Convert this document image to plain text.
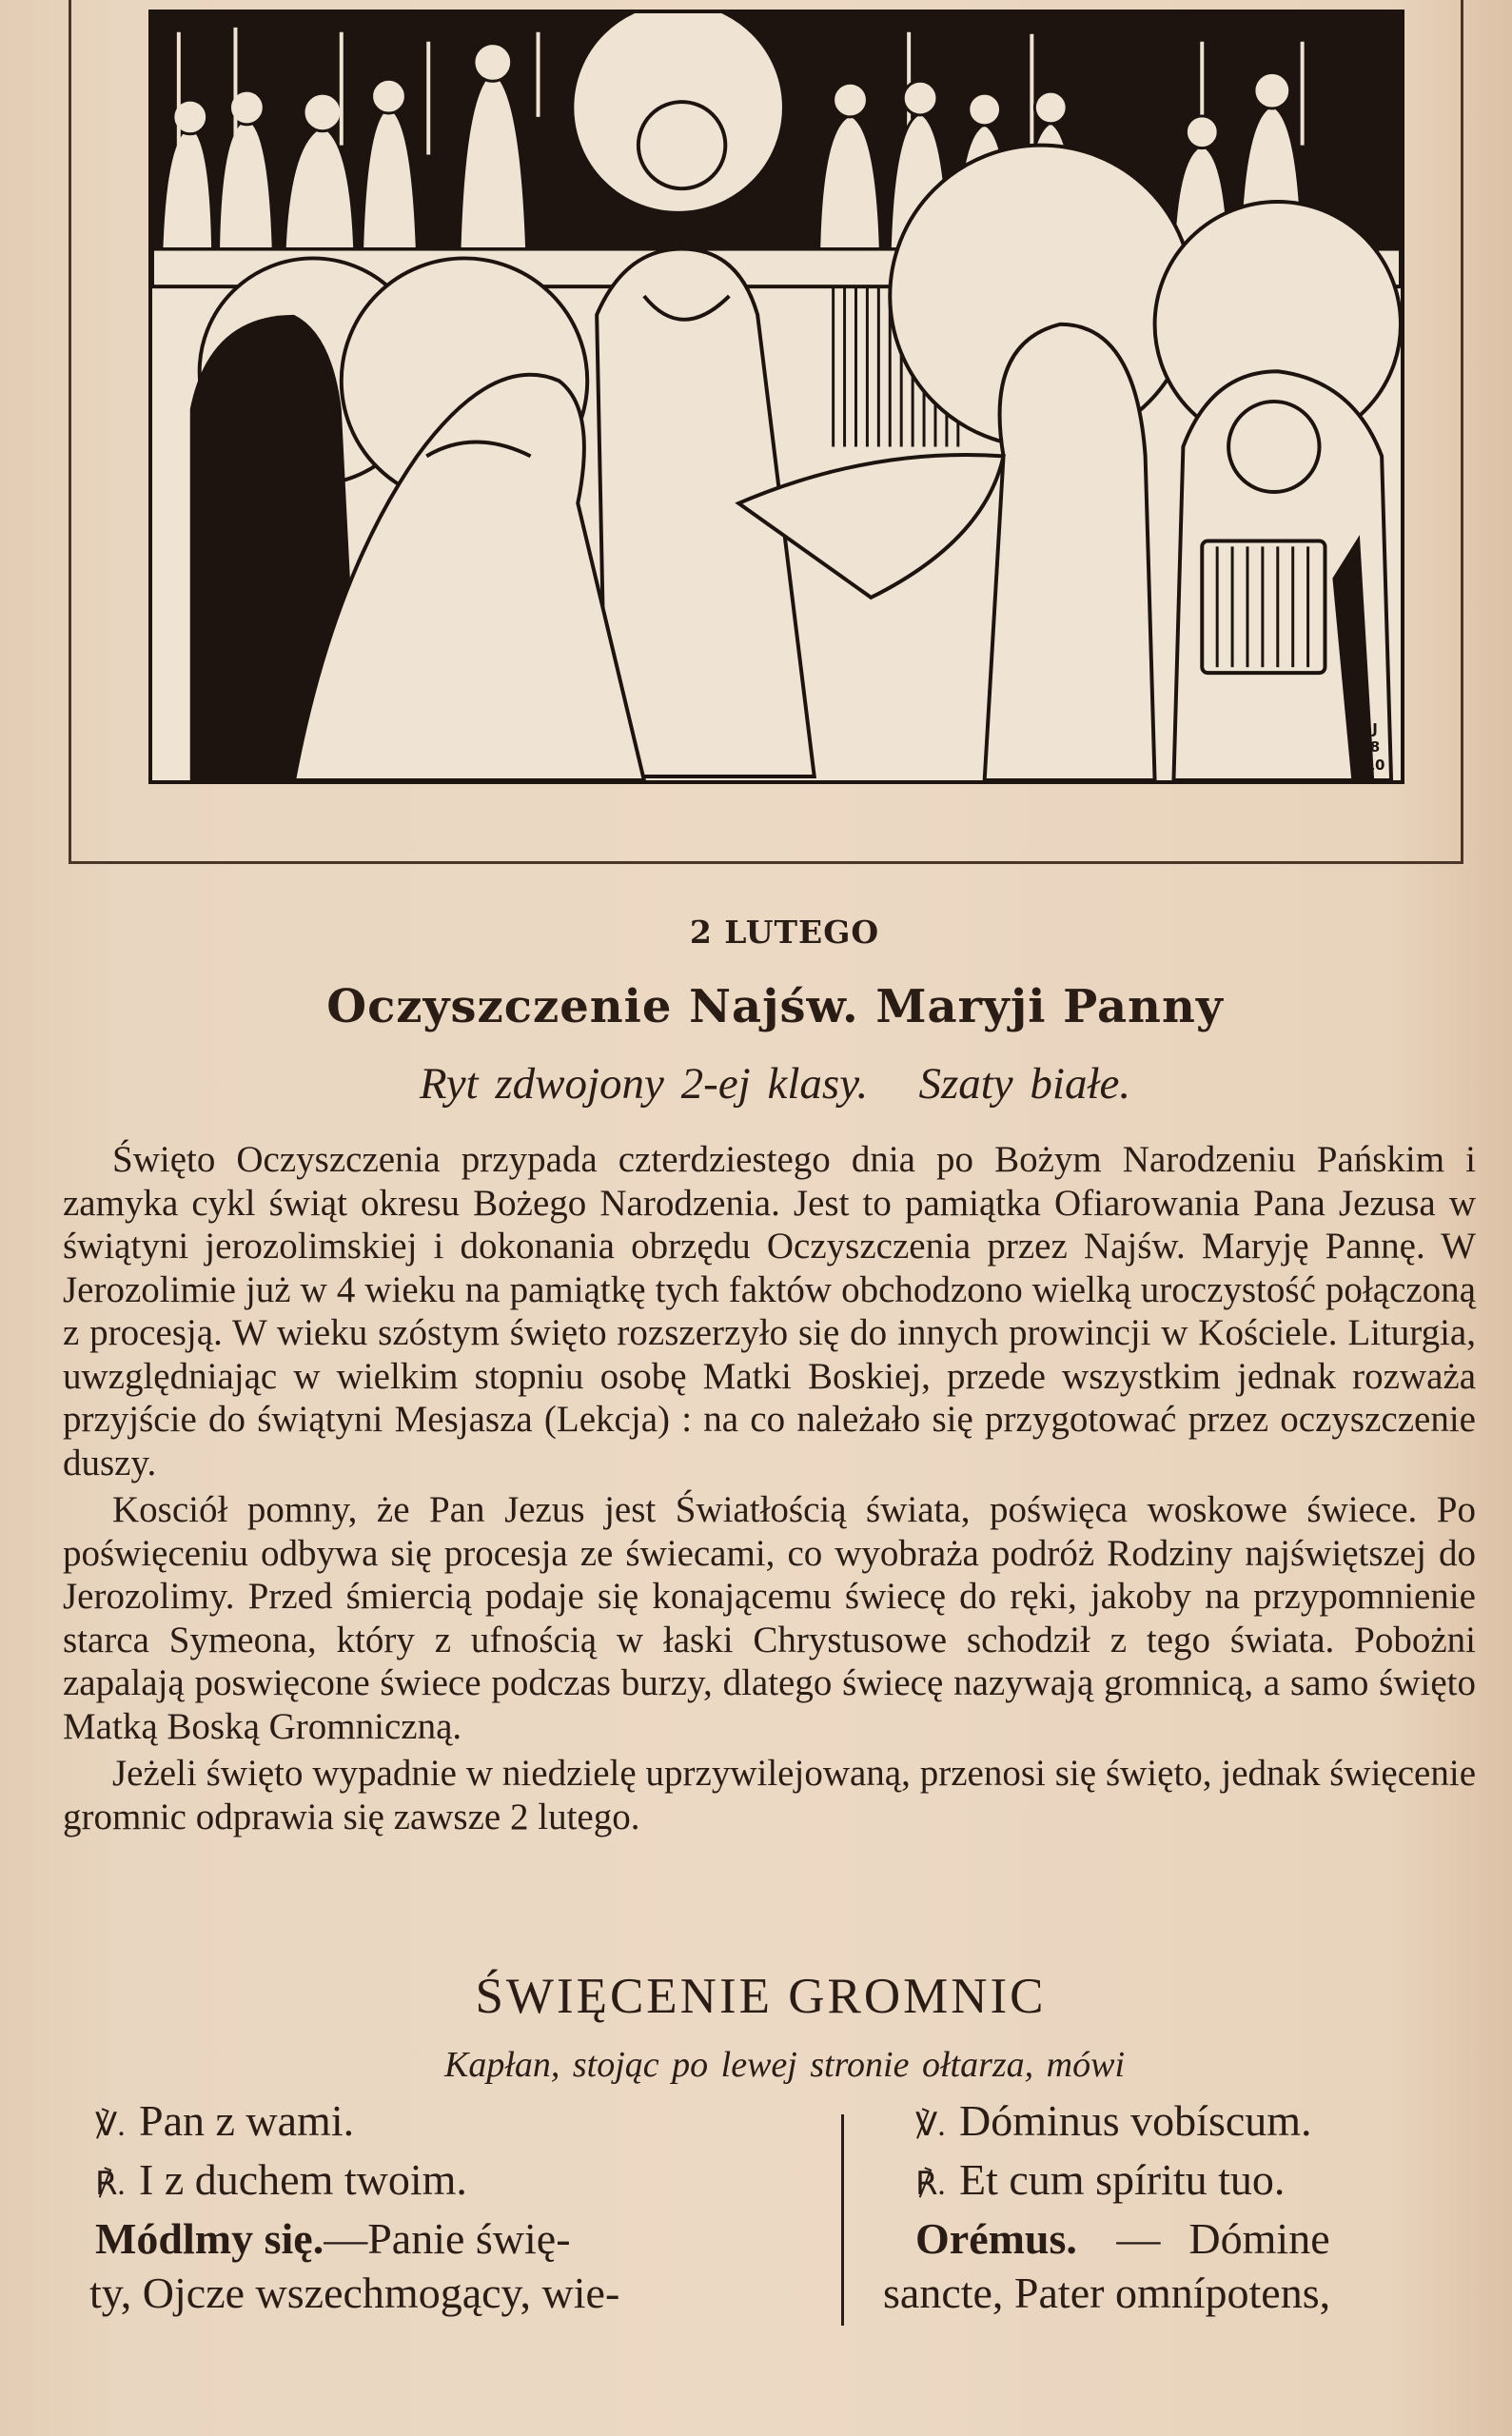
J
8
10
2 LUTEGO
Oczyszczenie Najśw. Maryji Panny
Ryt zdwojony 2-ej klasy.   Szaty białe.

Święto Oczyszczenia przypada czterdziestego dnia po Bożym Narodzeniu Pańskim i zamyka cykl świąt okresu Bożego Narodzenia. Jest to pamiątka Ofiarowania Pana Jezusa w świątyni jerozolimskiej i dokonania obrzędu Oczyszczenia przez Najśw. Maryję Pannę. W Jerozolimie już w 4 wieku na pamiątkę tych faktów obchodzono wielką uroczystość połączoną z procesją. W wieku szóstym święto rozszerzyło się do innych prowincji w Kościele. Liturgia, uwzględniając w wielkim stopniu osobę Matki Boskiej, przede wszystkim jednak rozważa przyjście do świątyni Mesjasza (Lekcja) : na co należało się przygotować przez oczyszczenie duszy.

Kosciół pomny, że Pan Jezus jest Światłością świata, poświęca woskowe świece. Po poświęceniu odbywa się procesja ze świecami, co wyobraża podróż Rodziny najświętszej do Jerozolimy. Przed śmiercią podaje się konającemu świecę do ręki, jakoby na przypomnienie starca Symeona, który z ufnością w łaski Chrystusowe schodził z tego świata. Pobożni zapalają poswięcone świece podczas burzy, dlatego świecę nazywają gromnicą, a samo święto Matką Boską Gromniczną.

Jeżeli święto wypadnie w niedzielę uprzywilejowaną, przenosi się święto, jednak święcenie gromnic odprawia się zawsze 2 lutego.

ŚWIĘCENIE GROMNIC
Kapłan, stojąc po lewej stronie ołtarza, mówi
℣. Pan z wami.
℟. I z duchem twoim.
Módlmy się.—Panie świę-
ty, Ojcze wszechmogący, wie-
℣. Dóminus vobíscum.
℟. Et cum spíritu tuo.
Orémus. — Dómine
sancte, Pater omnípotens,
